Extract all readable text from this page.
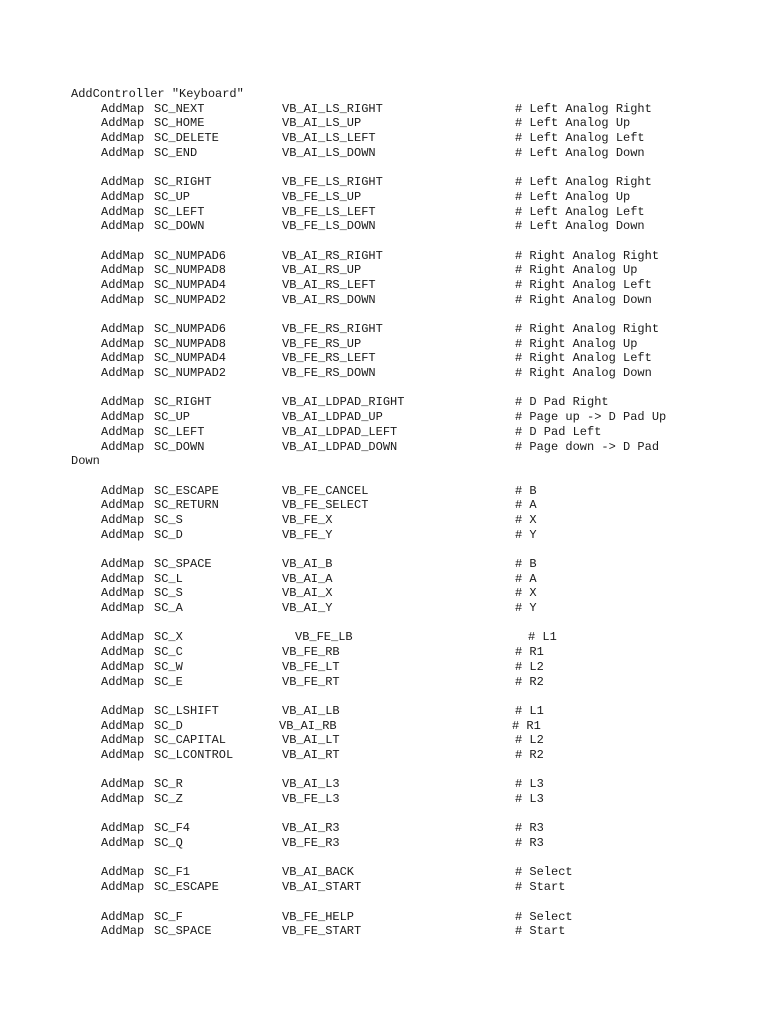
AddController "Keyboard"
AddMap SC_NEXT	VB_AI_LS_RIGHT	# Left Analog Right
AddMap SC_HOME	VB_AI_LS_UP	# Left Analog Up
AddMap SC_DELETE	VB_AI_LS_LEFT	# Left Analog Left
AddMap SC_END	VB_AI_LS_DOWN	# Left Analog Down
AddMap SC_RIGHT	VB_FE_LS_RIGHT	# Left Analog Right
AddMap SC_UP	VB_FE_LS_UP	# Left Analog Up
AddMap SC_LEFT	VB_FE_LS_LEFT	# Left Analog Left
AddMap SC_DOWN	VB_FE_LS_DOWN	# Left Analog Down
AddMap SC_NUMPAD6	VB_AI_RS_RIGHT	# Right Analog Right
AddMap SC_NUMPAD8	VB_AI_RS_UP	# Right Analog Up
AddMap SC_NUMPAD4	VB_AI_RS_LEFT	# Right Analog Left
AddMap SC_NUMPAD2	VB_AI_RS_DOWN	# Right Analog Down
AddMap SC_NUMPAD6	VB_FE_RS_RIGHT	# Right Analog Right
AddMap SC_NUMPAD8	VB_FE_RS_UP	# Right Analog Up
AddMap SC_NUMPAD4	VB_FE_RS_LEFT	# Right Analog Left
AddMap SC_NUMPAD2	VB_FE_RS_DOWN	# Right Analog Down
AddMap SC_RIGHT	VB_AI_LDPAD_RIGHT	# D Pad Right
AddMap SC_UP	VB_AI_LDPAD_UP	# Page up -> D Pad Up
AddMap SC_LEFT	VB_AI_LDPAD_LEFT	# D Pad Left
AddMap SC_DOWN	VB_AI_LDPAD_DOWN	# Page down -> D Pad
Down
AddMap SC_ESCAPE	VB_FE_CANCEL	# B
AddMap SC_RETURN	VB_FE_SELECT	# A
AddMap SC_S	VB_FE_X	# X
AddMap SC_D	VB_FE_Y	# Y
AddMap SC_SPACE	VB_AI_B	# B
AddMap SC_L	VB_AI_A	# A
AddMap SC_S	VB_AI_X	# X
AddMap SC_A	VB_AI_Y	# Y
AddMap SC_X	VB_FE_LB	# L1
AddMap SC_C	VB_FE_RB	# R1
AddMap SC_W	VB_FE_LT	# L2
AddMap SC_E	VB_FE_RT	# R2
AddMap SC_LSHIFT	VB_AI_LB	# L1
AddMap SC_D	VB_AI_RB	# R1
AddMap SC_CAPITAL	VB_AI_LT	# L2
AddMap SC_LCONTROL	VB_AI_RT	# R2
AddMap SC_R	VB_AI_L3	# L3
AddMap SC_Z	VB_FE_L3	# L3
AddMap SC_F4	VB_AI_R3	# R3
AddMap SC_Q	VB_FE_R3	# R3
AddMap SC_F1	VB_AI_BACK	# Select
AddMap SC_ESCAPE	VB_AI_START	# Start
AddMap SC_F	VB_FE_HELP	# Select
AddMap SC_SPACE	VB_FE_START	# Start
